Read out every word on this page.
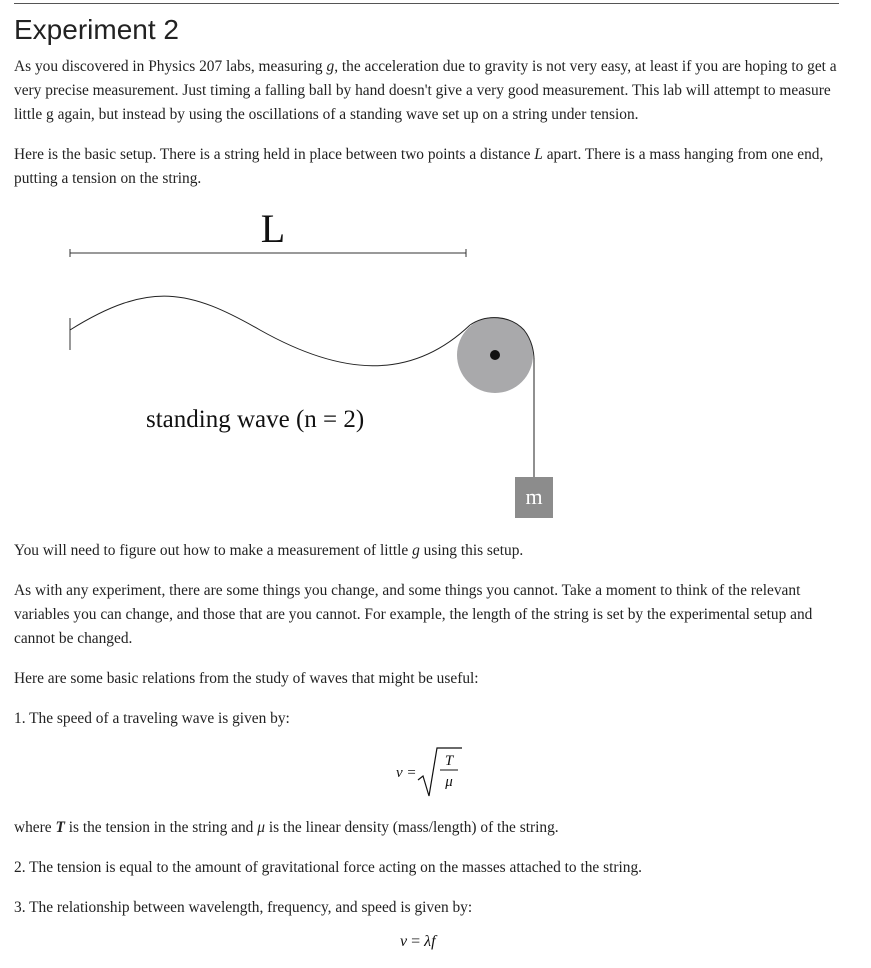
Experiment 2

As you discovered in Physics 207 labs, measuring g, the acceleration due to gravity is not very easy, at least if you are hoping to get a very precise measurement. Just timing a falling ball by hand doesn't give a very good measurement. This lab will attempt to measure little g again, but instead by using the oscillations of a standing wave set up on a string under tension.

Here is the basic setup. There is a string held in place between two points a distance L apart. There is a mass hanging from one end, putting a tension on the string.

L
m
standing wave (n = 2)

You will need to figure out how to make a measurement of little g using this setup.

As with any experiment, there are some things you change, and some things you cannot. Take a moment to think of the relevant variables you can change, and those that are you cannot. For example, the length of the string is set by the experimental setup and cannot be changed.

Here are some basic relations from the study of waves that might be useful:

1. The speed of a traveling wave is given by:

v =
T
μ

where T is the tension in the string and μ is the linear density (mass/length) of the string.

2. The tension is equal to the amount of gravitational force acting on the masses attached to the string.

3. The relationship between wavelength, frequency, and speed is given by:

v = λf
